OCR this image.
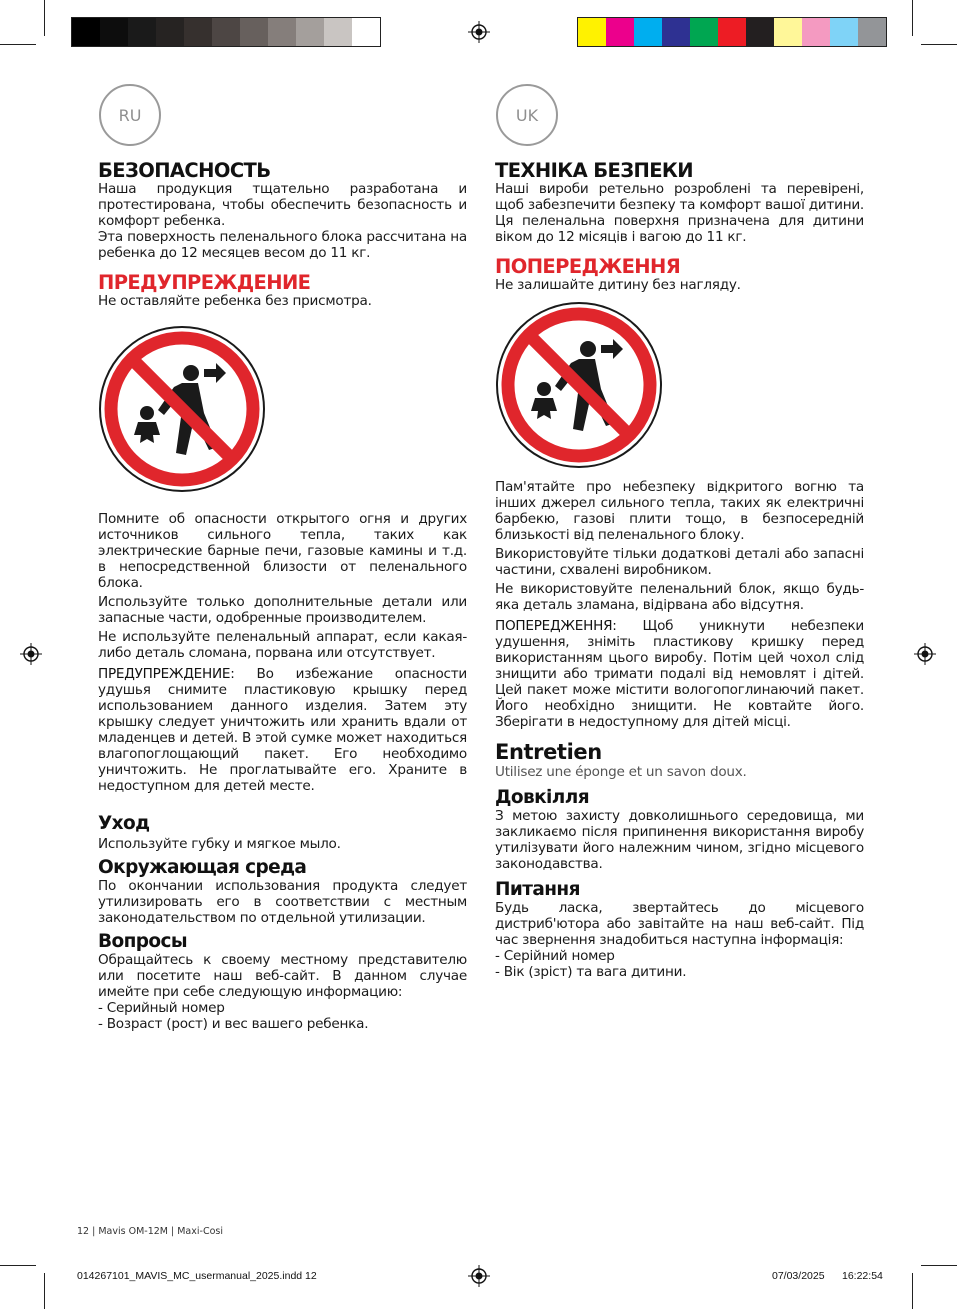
RU	UK
БЕЗОПАСНОСТЬ

Наша продукция тщательно разработана и протестирована, чтобы обеспечить безопасность и комфорт ребенка.

Эта поверхность пеленального блока рассчитана на ребенка до 12 месяцев весом до 11 кг.

ПРЕДУПРЕЖДЕНИЕ

Не оставляйте ребенка без присмотра.

Помните об опасности открытого огня и других источников сильного тепла, таких как электрические барные печи, газовые камины и т.д. в непосредственной близости от пеленального блока.

Используйте только дополнительные детали или запасные части, одобренные производителем.

Не используйте пеленальный аппарат, если какая-либо деталь сломана, порвана или отсутствует.

ПРЕДУПРЕЖДЕНИЕ: Во избежание опасности удушья снимите пластиковую крышку перед использованием данного изделия. Затем эту крышку следует уничтожить или хранить вдали от младенцев и детей. В этой сумке может находиться влагопоглощающий пакет. Его необходимо уничтожить. Не проглатывайте его. Храните в недоступном для детей месте.

Уход

Используйте губку и мягкое мыло.

Окружающая среда

По окончании использования продукта следует утилизировать его в соответствии с местным законодательством по отдельной утилизации.

Вопросы

Обращайтесь к своему местному представителю или посетите наш веб-сайт. В данном случае имейте при себе следующую информацию:

- Серийный номер

- Возраст (рост) и вес вашего ребенка.

ТЕХНІКА БЕЗПЕКИ

Наші вироби ретельно розроблені та перевірені, щоб забезпечити безпеку та комфорт вашої дитини. Ця пеленальна поверхня призначена для дитини віком до 12 місяців і вагою до 11 кг.

ПОПЕРЕДЖЕННЯ

Не залишайте дитину без нагляду.

Пам'ятайте про небезпеку відкритого вогню та інших джерел сильного тепла, таких як електричні барбекю, газові плити тощо, в безпосередній близькості від пеленального блоку.

Використовуйте тільки додаткові деталі або запасні частини, схвалені виробником.

Не використовуйте пеленальний блок, якщо будь-яка деталь зламана, відірвана або відсутня.

ПОПЕРЕДЖЕННЯ: Щоб уникнути небезпеки удушення, зніміть пластикову кришку перед використанням цього виробу. Потім цей чохол слід знищити або тримати подалі від немовлят і дітей. Цей пакет може містити вологопоглинаючий пакет. Його необхідно знищити. Не ковтайте його. Зберігати в недоступному для дітей місці.

Entretien

Utilisez une éponge et un savon doux.

Довкілля

З метою захисту довколишнього середовища, ми закликаємо після припинення використання виробу утилізувати його належним чином, згідно місцевого законодавства.

Питання

Будь ласка, звертайтесь до місцевого дистриб'ютора або завітайте на наш веб-сайт. Під час звернення знадобиться наступна інформація:

- Серійний номер

- Вік (зріст) та вага дитини.

12 | Mavis OM-12M | Maxi-Cosi
014267101_MAVIS_MC_usermanual_2025.indd 12	07/03/2025 16:22:54
